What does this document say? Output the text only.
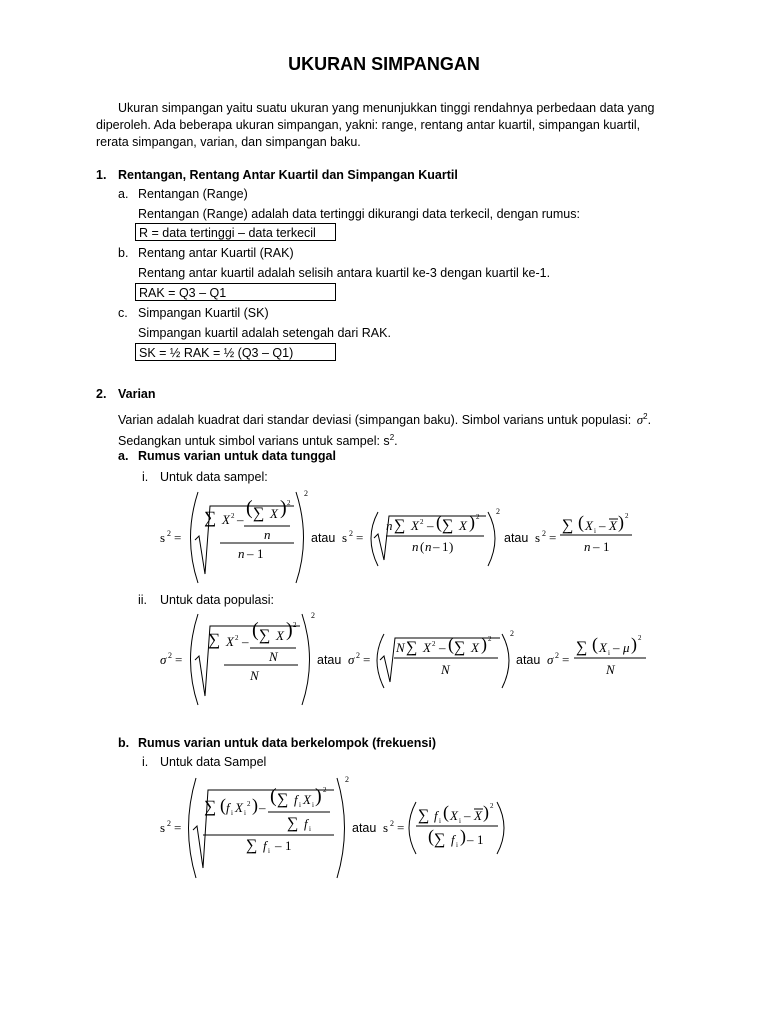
UKURAN SIMPANGAN
Ukuran simpangan yaitu suatu ukuran yang menunjukkan tinggi rendahnya perbedaan data yang
diperoleh. Ada beberapa ukuran simpangan, yakni: range, rentang antar kuartil, simpangan kuartil,
rerata simpangan, varian, dan simpangan baku.
1. Rentangan, Rentang Antar Kuartil dan Simpangan Kuartil
a. Rentangan (Range)
Rentangan (Range) adalah data tertinggi dikurangi data terkecil, dengan rumus:
R = data tertinggi – data terkecil
b. Rentang antar Kuartil (RAK)
Rentang antar kuartil adalah selisih antara kuartil ke-3 dengan kuartil ke-1.
RAK = Q3 – Q1
c. Simpangan Kuartil (SK)
Simpangan kuartil adalah setengah dari RAK.
SK = ½ RAK = ½ (Q3 – Q1)
2. Varian
Varian adalah kuadrat dari standar deviasi (simpangan baku). Simbol varians untuk populasi: $\sigma^2$.
Sedangkan untuk simbol varians untuk sampel: $s^2$.
a. Rumus varian untuk data tunggal
i. Untuk data sampel:
s 2 =
2
∑ X 2 –
( ∑ X ) 2
n
n – 1
atau s 2 =
2
n ∑ X 2 – ( ∑ X ) 2
n ( n – 1 )
atau s 2 =
∑ ( X i – X ) 2
n – 1
ii. Untuk data populasi:
σ 2 =
2
∑ X 2 –
( ∑ X ) 2
N
N
atau σ 2 =
2
N ∑ X 2 – ( ∑ X ) 2
N
atau σ 2 =
∑ ( X i – μ ) 2
N
b. Rumus varian untuk data berkelompok (frekuensi)
i. Untuk data Sampel
s 2 =
2
∑ ( f i X i
2 ) –
( ∑ f i X i ) 2
∑ f i
∑ f i – 1
atau s 2 =
∑ f i ( X i – X ) 2
( ∑ f i ) – 1
